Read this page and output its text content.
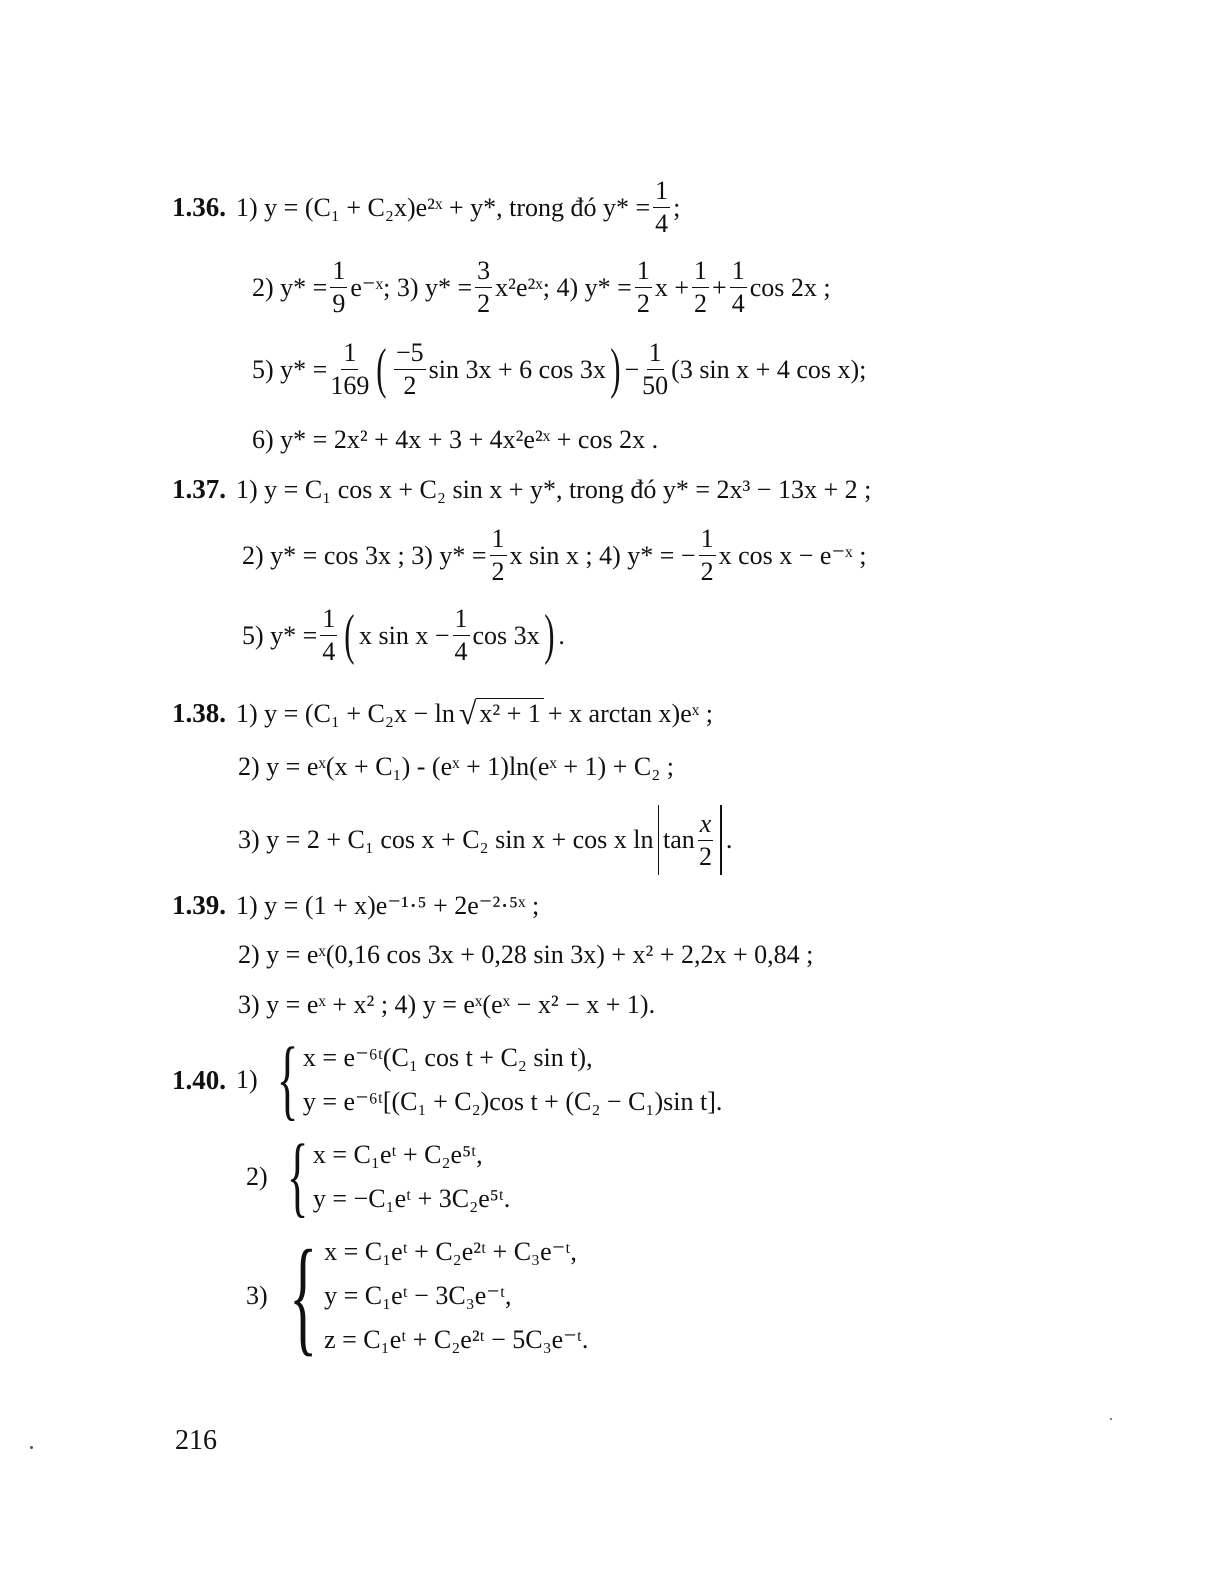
1.36. 1) y = (C₁ + C₂x)e²ˣ + y*, trong đó $y* = \frac{1}{4}$ ;
2) $y* = \frac{1}{9}$ e⁻ˣ; 3) $y* = \frac{3}{2}$ x²e²ˣ; 4) $y* = \frac{1}{2}$ $x + \frac{1}{2} + \frac{1}{4}$ cos 2x ;
5) $y* = \frac{1}{169}$ ( $\frac{-5}{2}$ sin 3x + 6 cos 3x ) − $\frac{1}{50} (3$ sin x + 4 cos x);
6) y* = 2x² + 4x + 3 + 4x²e²ˣ + cos 2x .
1.37. 1) y = C₁ cos x + C₂ sin x + y*, trong đó y* = 2x³ − 13x + 2 ;
2) y* = cos 3x ; 3) $y* = \frac{1}{2}$ x sin x ; 4) y* = − $\frac{1}{2}$ x cos x − e⁻ˣ ;
5) $y* = \frac{1}{4}$ ( x $\sin x - \frac{1}{4}$ cos 3x ) .
1.38. 1) y = (C₁ + C₂x − ln √ x² + 1 + x arctan x)eˣ ;
2) y = eˣ(x + C₁) - (eˣ + 1)ln(eˣ + 1) + C₂ ;
3) y = 2 + C₁ cos x + C₂ sin x + cos x $\ln \tan \frac{x}{2}$ .
1.39. 1) y = (1 + x)e⁻¹·⁵ + 2e⁻²·⁵ˣ ;
2) y = eˣ(0,16 cos 3x + 0,28 sin 3x) + x² + 2,2x + 0,84 ;
3) y = eˣ + x² ; 4) y = eˣ(eˣ − x² − x + 1).
1.40. 1) { x = e⁻⁶ᵗ(C₁ cos t + C₂ sin t),
y = e⁻⁶ᵗ[(C₁ + C₂)cos t + (C₂ − C₁)sin t].
2) { x = C₁eᵗ + C₂e⁵ᵗ,
y = −C₁eᵗ + 3C₂e⁵ᵗ.
3) { x = C₁eᵗ + C₂e²ᵗ + C₃e⁻ᵗ,
y = C₁eᵗ − 3C₃e⁻ᵗ,
z = C₁eᵗ + C₂e²ᵗ − 5C₃e⁻ᵗ.
216
